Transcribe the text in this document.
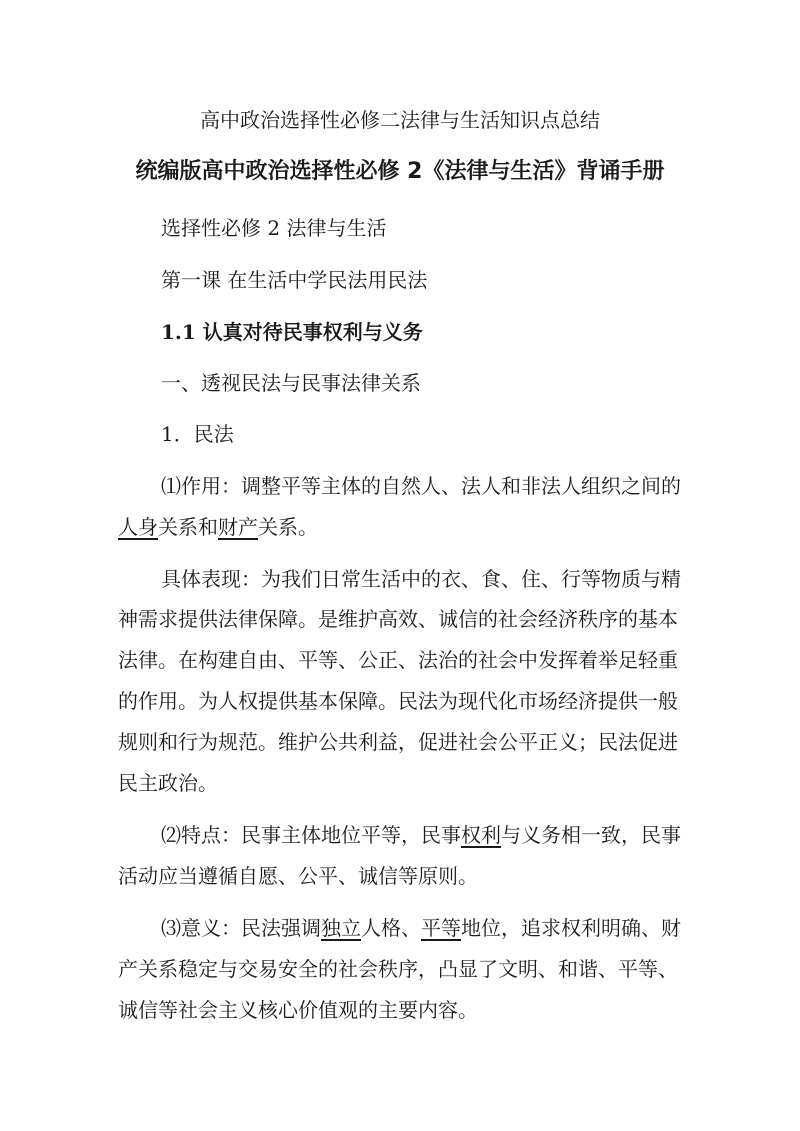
高中政治选择性必修二法律与生活知识点总结
统编版高中政治选择性必修 2《法律与生活》背诵手册
选择性必修 2 法律与生活
第一课 在生活中学民法用民法
1.1 认真对待民事权利与义务
一、透视民法与民事法律关系
1．民法
⑴作用：调整平等主体的自然人、法人和非法人组织之间的
人身关系和财产关系。
具体表现：为我们日常生活中的衣、食、住、行等物质与精
神需求提供法律保障。是维护高效、诚信的社会经济秩序的基本
法律。在构建自由、平等、公正、法治的社会中发挥着举足轻重
的作用。为人权提供基本保障。民法为现代化市场经济提供一般
规则和行为规范。维护公共利益，促进社会公平正义；民法促进
民主政治。
⑵特点：民事主体地位平等，民事权利与义务相一致，民事
活动应当遵循自愿、公平、诚信等原则。
⑶意义：民法强调独立人格、平等地位，追求权利明确、财
产关系稳定与交易安全的社会秩序，凸显了文明、和谐、平等、
诚信等社会主义核心价值观的主要内容。
